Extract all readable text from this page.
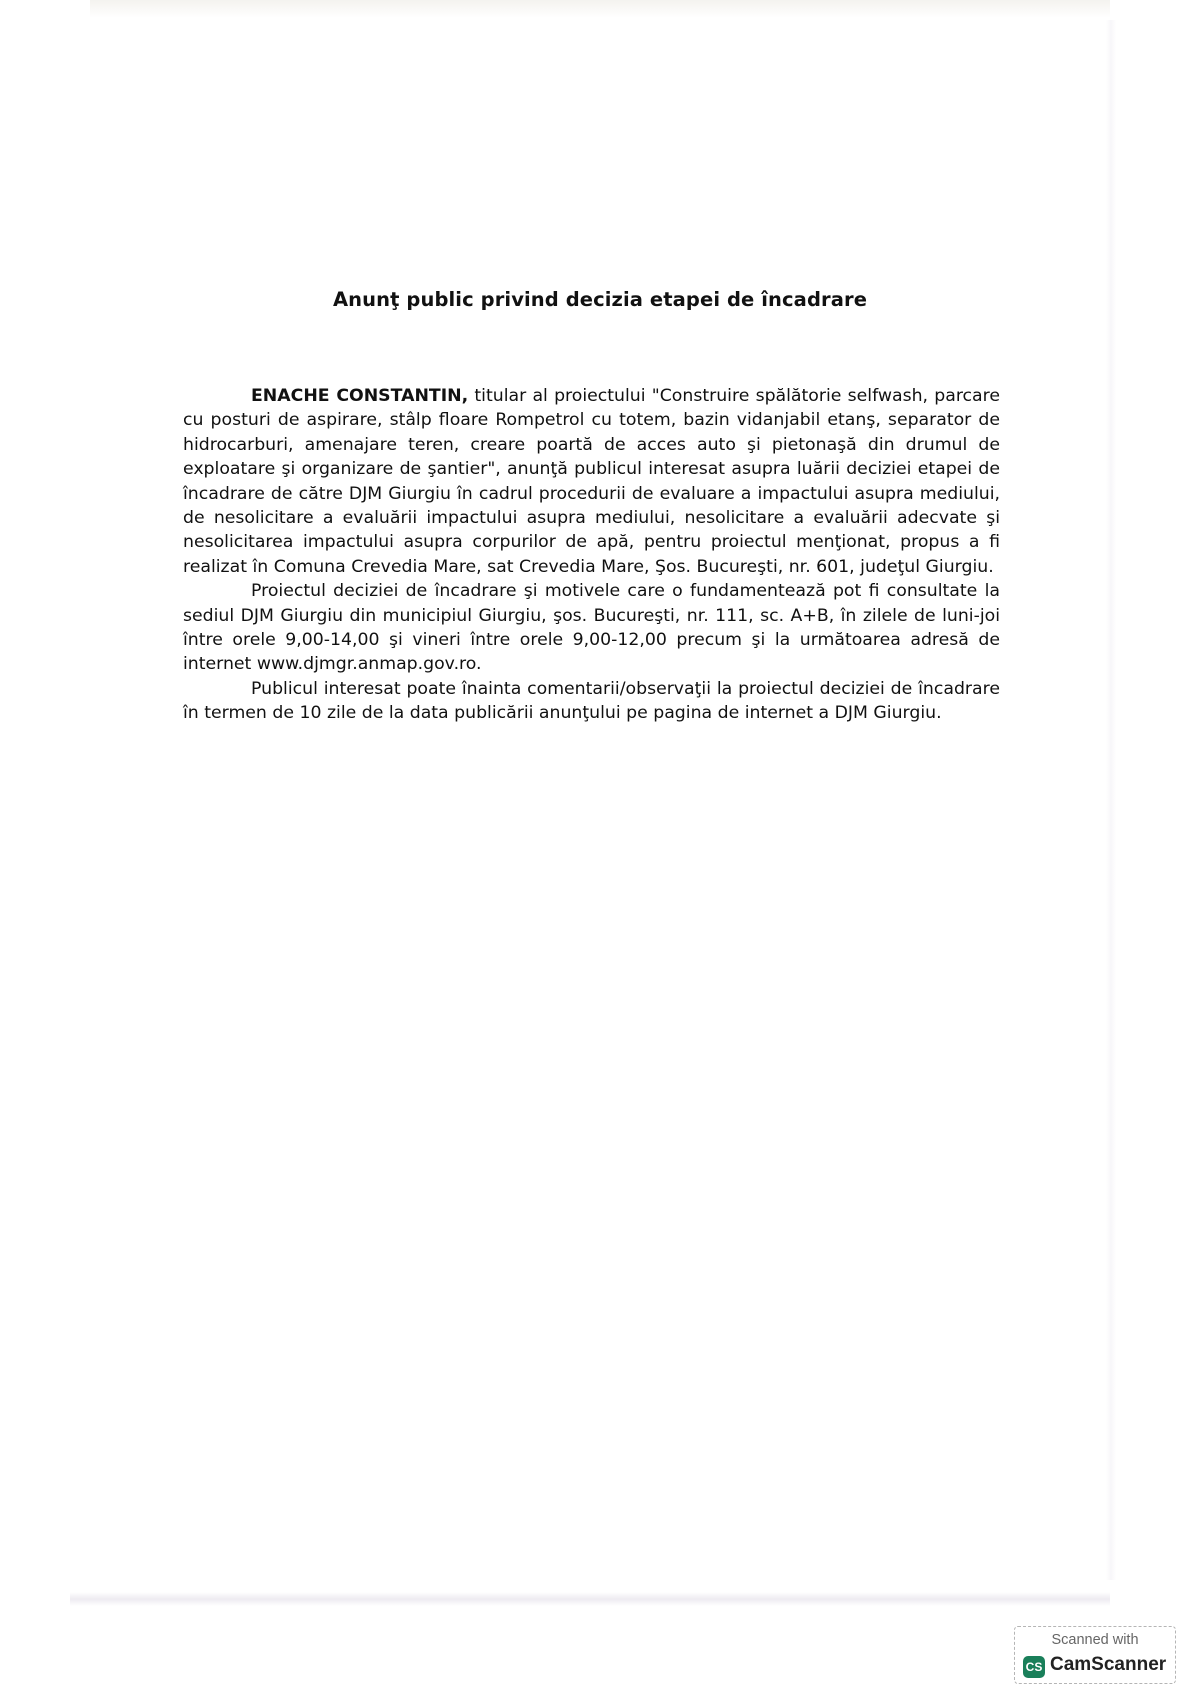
Anunţ public privind decizia etapei de încadrare

ENACHE CONSTANTIN, titular al proiectului "Construire spălătorie selfwash, parcare cu posturi de aspirare, stâlp floare Rompetrol cu totem, bazin vidanjabil etanş, separator de hidrocarburi, amenajare teren, creare poartă de acces auto şi pietonaşă din drumul de exploatare şi organizare de şantier", anunţă publicul interesat asupra luării deciziei etapei de încadrare de către DJM Giurgiu în cadrul procedurii de evaluare a impactului asupra mediului, de nesolicitare a evaluării impactului asupra mediului, nesolicitare a evaluării adecvate şi nesolicitarea impactului asupra corpurilor de apă, pentru proiectul menţionat, propus a fi realizat în Comuna Crevedia Mare, sat Crevedia Mare, Şos. Bucureşti, nr. 601, judeţul Giurgiu.

Proiectul deciziei de încadrare şi motivele care o fundamentează pot fi consultate la sediul DJM Giurgiu din municipiul Giurgiu, şos. Bucureşti, nr. 111, sc. A+B, în zilele de luni-joi între orele 9,00-14,00 şi vineri între orele 9,00-12,00 precum şi la următoarea adresă de internet www.djmgr.anmap.gov.ro.

Publicul interesat poate înainta comentarii/observaţii la proiectul deciziei de încadrare în termen de 10 zile de la data publicării anunţului pe pagina de internet a DJM Giurgiu.

Scanned with
CS CamScanner
